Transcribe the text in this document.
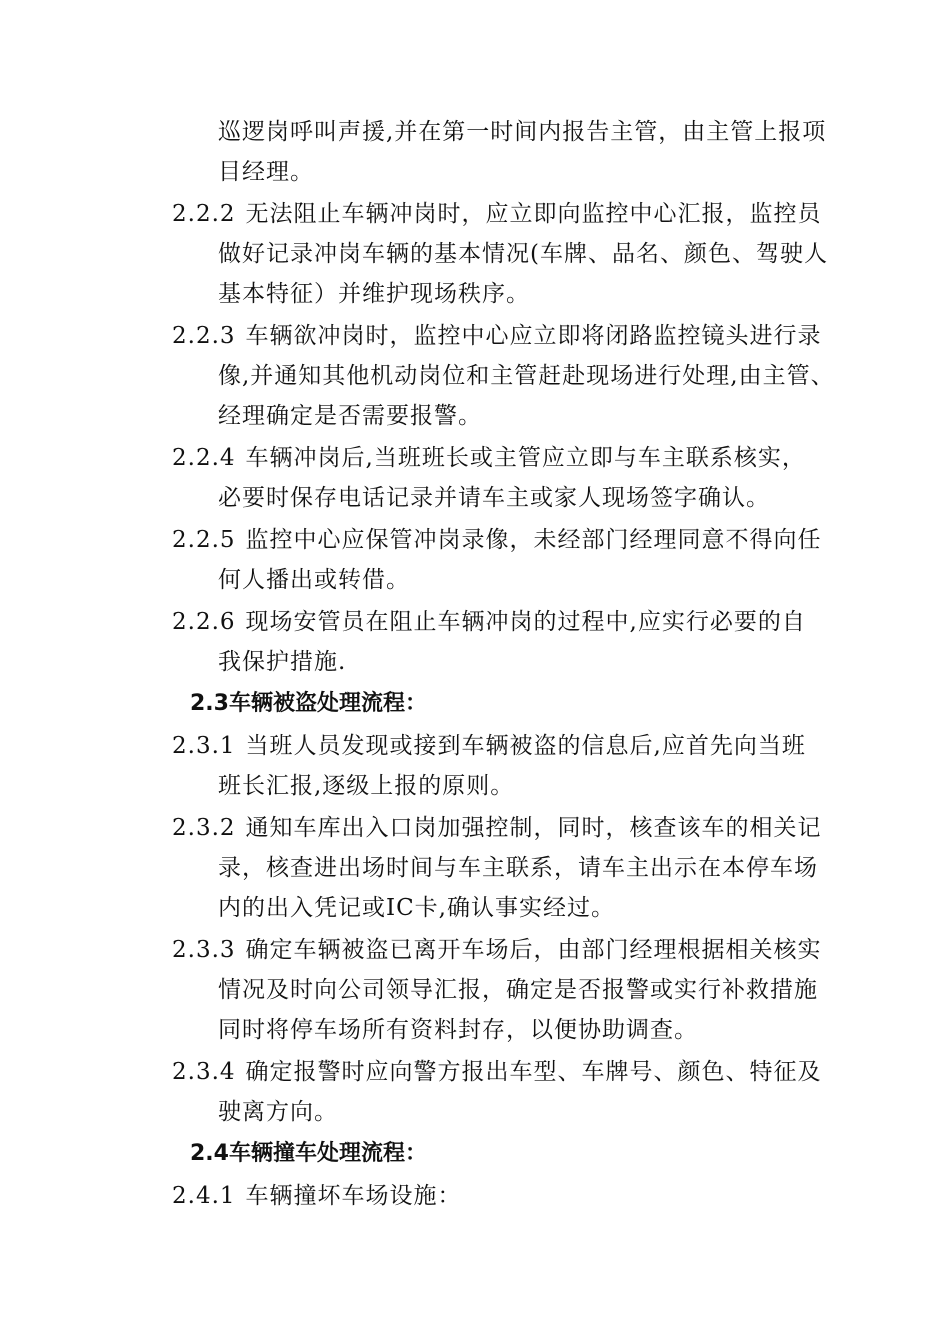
巡逻岗呼叫声援,并在第一时间内报告主管，由主管上报项
目经理。
2.2.2 无法阻止车辆冲岗时，应立即向监控中心汇报，监控员
做好记录冲岗车辆的基本情况(车牌、品名、颜色、驾驶人
基本特征）并维护现场秩序。
2.2.3 车辆欲冲岗时，监控中心应立即将闭路监控镜头进行录
像,并通知其他机动岗位和主管赶赴现场进行处理,由主管、
经理确定是否需要报警。
2.2.4 车辆冲岗后,当班班长或主管应立即与车主联系核实，
必要时保存电话记录并请车主或家人现场签字确认。
2.2.5 监控中心应保管冲岗录像，未经部门经理同意不得向任
何人播出或转借。
2.2.6 现场安管员在阻止车辆冲岗的过程中,应实行必要的自
我保护措施.
2.3车辆被盗处理流程：
2.3.1 当班人员发现或接到车辆被盗的信息后,应首先向当班
班长汇报,逐级上报的原则。
2.3.2 通知车库出入口岗加强控制，同时，核查该车的相关记
录，核查进出场时间与车主联系，请车主出示在本停车场
内的出入凭记或IC卡,确认事实经过。
2.3.3 确定车辆被盗已离开车场后，由部门经理根据相关核实
情况及时向公司领导汇报，确定是否报警或实行补救措施
同时将停车场所有资料封存，以便协助调查。
2.3.4 确定报警时应向警方报出车型、车牌号、颜色、特征及
驶离方向。
2.4车辆撞车处理流程：
2.4.1 车辆撞坏车场设施：
